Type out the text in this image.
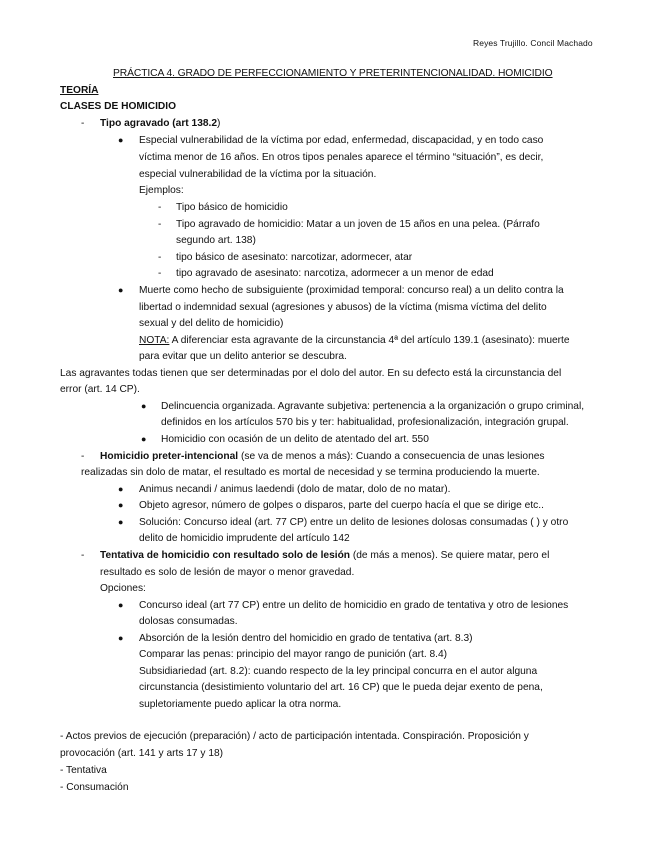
Reyes Trujillo. Concil Machado
PRÁCTICA 4. GRADO DE PERFECCIONAMIENTO Y PRETERINTENCIONALIDAD. HOMICIDIO
TEORÍA
CLASES DE HOMICIDIO
- Tipo agravado (art 138.2)
● Especial vulnerabilidad de la víctima por edad, enfermedad, discapacidad, y en todo caso
víctima menor de 16 años. En otros tipos penales aparece el término “situación”, es decir,
especial vulnerabilidad de la víctima por la situación.
Ejemplos:
- Tipo básico de homicidio
- Tipo agravado de homicidio: Matar a un joven de 15 años en una pelea. (Párrafo
segundo art. 138)
- tipo básico de asesinato: narcotizar, adormecer, atar
- tipo agravado de asesinato: narcotiza, adormecer a un menor de edad
● Muerte como hecho de subsiguiente (proximidad temporal: concurso real) a un delito contra la
libertad o indemnidad sexual (agresiones y abusos) de la víctima (misma víctima del delito
sexual y del delito de homicidio)
NOTA: A diferenciar esta agravante de la circunstancia 4ª del artículo 139.1 (asesinato): muerte
para evitar que un delito anterior se descubra.
Las agravantes todas tienen que ser determinadas por el dolo del autor. En su defecto está la circunstancia del
error (art. 14 CP).
● Delincuencia organizada. Agravante subjetiva: pertenencia a la organización o grupo criminal,
definidos en los artículos 570 bis y ter: habitualidad, profesionalización, integración grupal.
● Homicidio con ocasión de un delito de atentado del art. 550
- Homicidio preter-intencional (se va de menos a más): Cuando a consecuencia de unas lesiones
realizadas sin dolo de matar, el resultado es mortal de necesidad y se termina produciendo la muerte.
● Animus necandi / animus laedendi (dolo de matar, dolo de no matar).
● Objeto agresor, número de golpes o disparos, parte del cuerpo hacía el que se dirige etc..
● Solución: Concurso ideal (art. 77 CP) entre un delito de lesiones dolosas consumadas ( ) y otro
delito de homicidio imprudente del artículo 142
- Tentativa de homicidio con resultado solo de lesión (de más a menos). Se quiere matar, pero el
resultado es solo de lesión de mayor o menor gravedad.
Opciones:
● Concurso ideal (art 77 CP) entre un delito de homicidio en grado de tentativa y otro de lesiones
dolosas consumadas.
● Absorción de la lesión dentro del homicidio en grado de tentativa (art. 8.3)
Comparar las penas: principio del mayor rango de punición (art. 8.4)
Subsidiariedad (art. 8.2): cuando respecto de la ley principal concurra en el autor alguna
circunstancia (desistimiento voluntario del art. 16 CP) que le pueda dejar exento de pena,
supletoriamente puedo aplicar la otra norma.
- Actos previos de ejecución (preparación) / acto de participación intentada. Conspiración. Proposición y
provocación (art. 141 y arts 17 y 18)
- Tentativa
- Consumación
